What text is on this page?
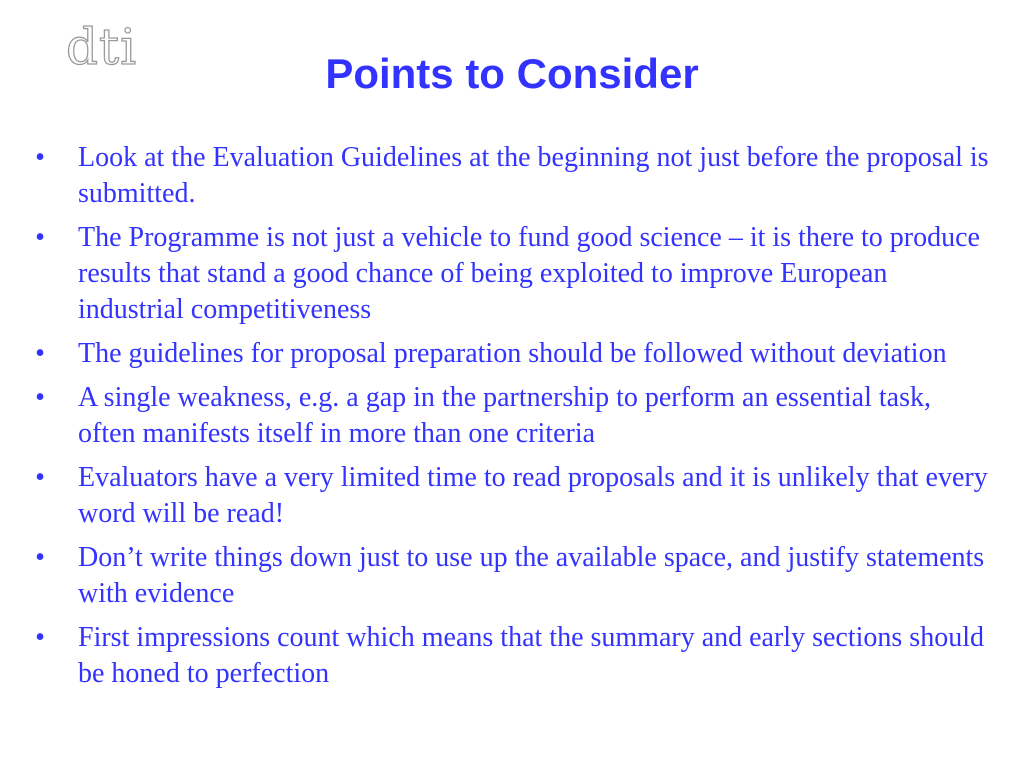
dti	Points to Consider
• Look at the Evaluation Guidelines at the beginning not just before the proposal is submitted.
• The Programme is not just a vehicle to fund good science – it is there to produce results that stand a good chance of being exploited to improve European industrial competitiveness
• The guidelines for proposal preparation should be followed without deviation
• A single weakness, e.g. a gap in the partnership to perform an essential task, often manifests itself in more than one criteria
• Evaluators have a very limited time to read proposals and it is unlikely that every word will be read!
• Don’t write things down just to use up the available space, and justify statements with evidence
• First impressions count which means that the summary and early sections should be honed to perfection
